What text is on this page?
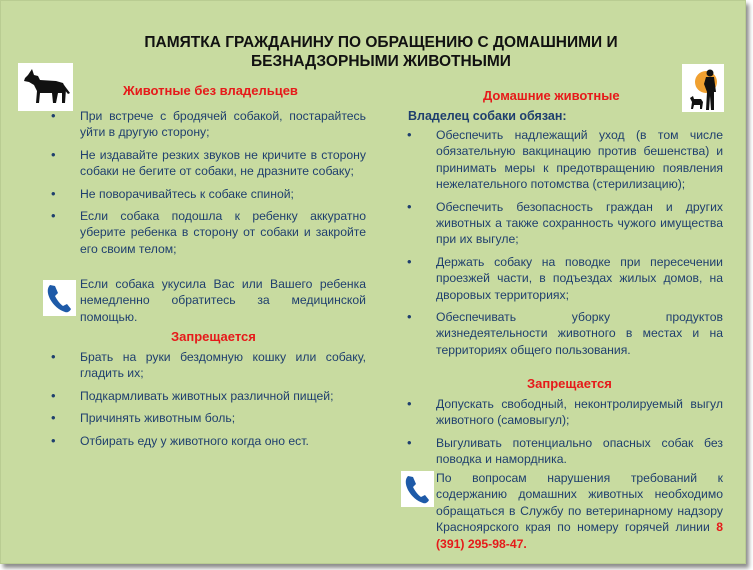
ПАМЯТКА ГРАЖДАНИНУ ПО ОБРАЩЕНИЮ С ДОМАШНИМИ И БЕЗНАДЗОРНЫМИ ЖИВОТНЫМИ
Животные без владельцев
• При встрече с бродячей собакой, постарайтесь уйти в другую сторону;
• Не издавайте резких звуков не кричите в сторону собаки не бегите от собаки, не дразните собаку;
• Не поворачивайтесь к собаке спиной;
• Если собака подошла к ребенку аккуратно уберите ребенка в сторону от собаки и закройте его своим телом;
Если собака укусила Вас или Вашего ребенка немедленно обратитесь за медицинской помощью.
Запрещается
• Брать на руки бездомную кошку или собаку, гладить их;
• Подкармливать животных различной пищей;
• Причинять животным боль;
• Отбирать еду у животного когда оно ест.
Домашние животные
Владелец собаки обязан:
• Обеспечить надлежащий уход (в том числе обязательную вакцинацию против бешенства) и принимать меры к предотвращению появления нежелательного потомства (стерилизацию);
• Обеспечить безопасность граждан и других животных а также сохранность чужого имущества при их выгуле;
• Держать собаку на поводке при пересечении проезжей части, в подъездах жилых домов, на дворовых территориях;
• Обеспечивать уборку продуктов жизнедеятельности животного в местах и на территориях общего пользования.
Запрещается
• Допускать свободный, неконтролируемый выгул животного (самовыгул);
• Выгуливать потенциально опасных собак без поводка и намордника.
По вопросам нарушения требований к содержанию домашних животных необходимо обращаться в Службу по ветеринарному надзору Красноярского края по номеру горячей линии 8 (391) 295-98-47.
